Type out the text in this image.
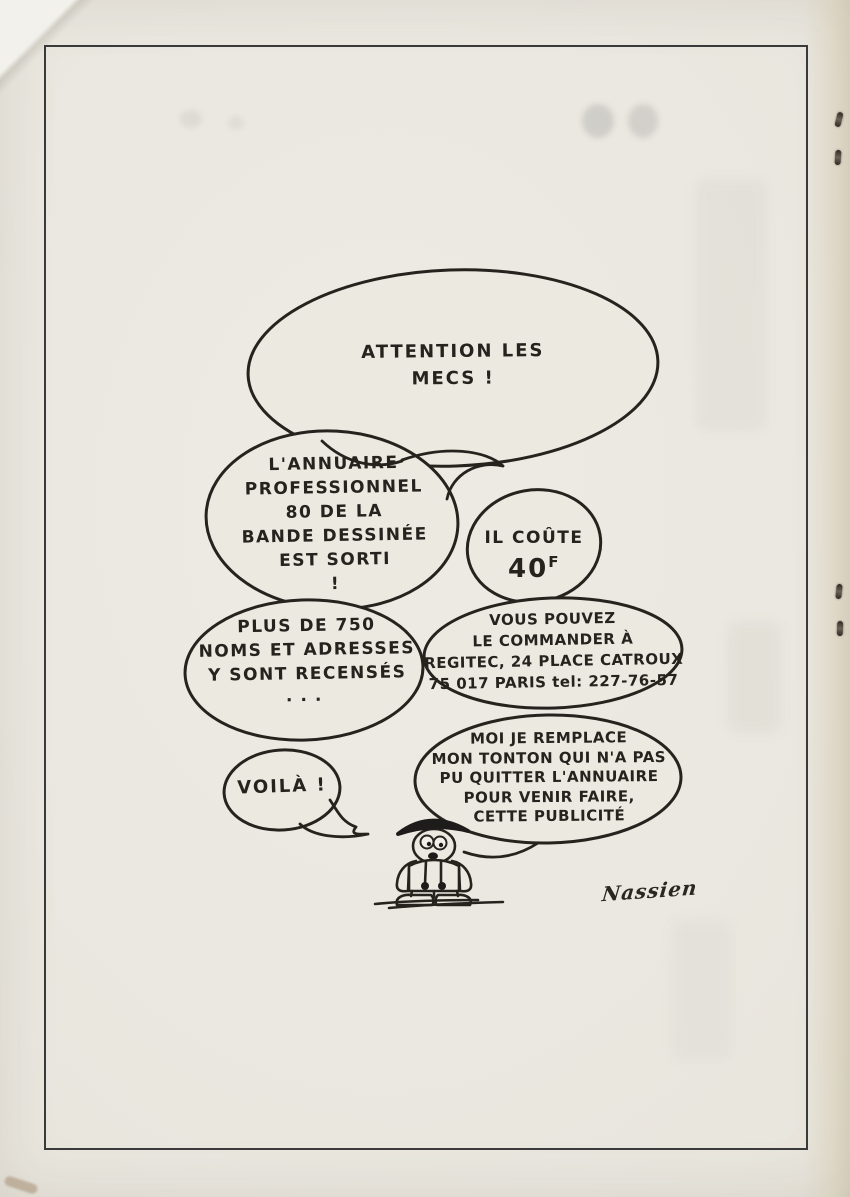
ATTENTION LES
MECS !
L'ANNUAIRE
PROFESSIONNEL
80 DE LA
BANDE DESSINÉE
EST SORTI
!
IL COÛTE
$40^F$
VOUS POUVEZ
LE COMMANDER À
REGITEC, 24 PLACE CATROUX
75 017 PARIS tel: 227-76-57
PLUS DE 750
NOMS ET ADRESSES
Y SONT RECENSÉS
...
VOILÀ !
MOI JE REMPLACE
MON TONTON QUI N'A PAS
PU QUITTER L'ANNUAIRE
POUR VENIR FAIRE,
CETTE PUBLICITÉ
Nassien
